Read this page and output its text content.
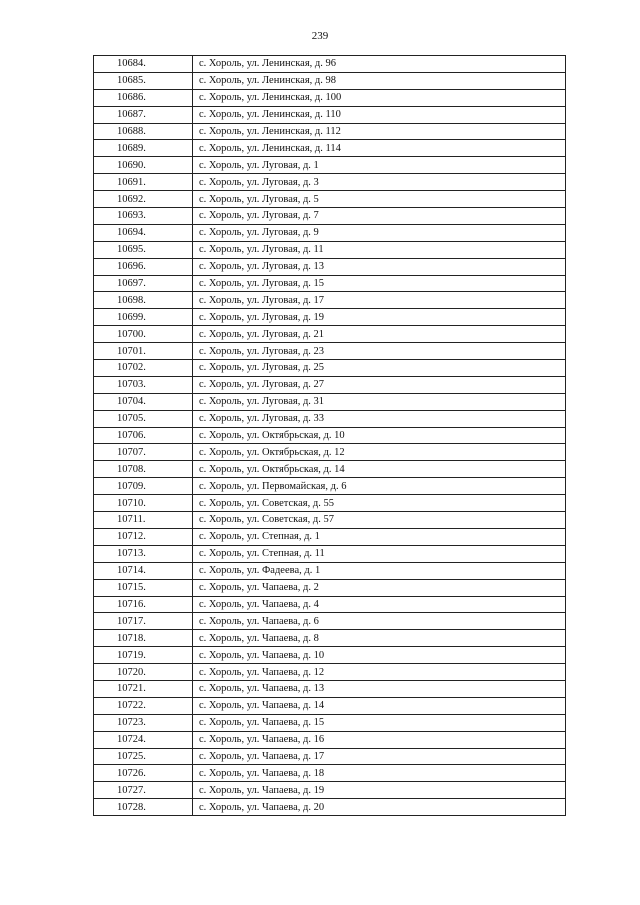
239
10684.	с. Хороль, ул. Ленинская, д. 96
10685.	с. Хороль, ул. Ленинская, д. 98
10686.	с. Хороль, ул. Ленинская, д. 100
10687.	с. Хороль, ул. Ленинская, д. 110
10688.	с. Хороль, ул. Ленинская, д. 112
10689.	с. Хороль, ул. Ленинская, д. 114
10690.	с. Хороль, ул. Луговая, д. 1
10691.	с. Хороль, ул. Луговая, д. 3
10692.	с. Хороль, ул. Луговая, д. 5
10693.	с. Хороль, ул. Луговая, д. 7
10694.	с. Хороль, ул. Луговая, д. 9
10695.	с. Хороль, ул. Луговая, д. 11
10696.	с. Хороль, ул. Луговая, д. 13
10697.	с. Хороль, ул. Луговая, д. 15
10698.	с. Хороль, ул. Луговая, д. 17
10699.	с. Хороль, ул. Луговая, д. 19
10700.	с. Хороль, ул. Луговая, д. 21
10701.	с. Хороль, ул. Луговая, д. 23
10702.	с. Хороль, ул. Луговая, д. 25
10703.	с. Хороль, ул. Луговая, д. 27
10704.	с. Хороль, ул. Луговая, д. 31
10705.	с. Хороль, ул. Луговая, д. 33
10706.	с. Хороль, ул. Октябрьская, д. 10
10707.	с. Хороль, ул. Октябрьская, д. 12
10708.	с. Хороль, ул. Октябрьская, д. 14
10709.	с. Хороль, ул. Первомайская, д. 6
10710.	с. Хороль, ул. Советская, д. 55
10711.	с. Хороль, ул. Советская, д. 57
10712.	с. Хороль, ул. Степная, д. 1
10713.	с. Хороль, ул. Степная, д. 11
10714.	с. Хороль, ул. Фадеева, д. 1
10715.	с. Хороль, ул. Чапаева, д. 2
10716.	с. Хороль, ул. Чапаева, д. 4
10717.	с. Хороль, ул. Чапаева, д. 6
10718.	с. Хороль, ул. Чапаева, д. 8
10719.	с. Хороль, ул. Чапаева, д. 10
10720.	с. Хороль, ул. Чапаева, д. 12
10721.	с. Хороль, ул. Чапаева, д. 13
10722.	с. Хороль, ул. Чапаева, д. 14
10723.	с. Хороль, ул. Чапаева, д. 15
10724.	с. Хороль, ул. Чапаева, д. 16
10725.	с. Хороль, ул. Чапаева, д. 17
10726.	с. Хороль, ул. Чапаева, д. 18
10727.	с. Хороль, ул. Чапаева, д. 19
10728.	с. Хороль, ул. Чапаева, д. 20
